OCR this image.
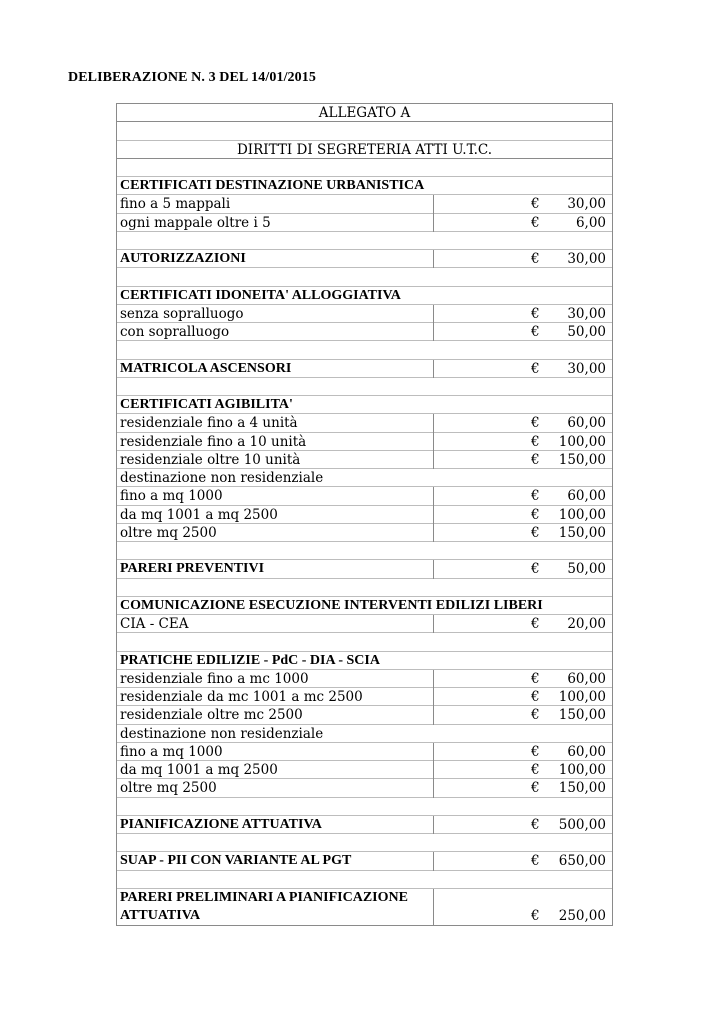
DELIBERAZIONE N. 3 DEL 14/01/2015
ALLEGATO A
DIRITTI DI SEGRETERIA ATTI U.T.C.
CERTIFICATI DESTINAZIONE URBANISTICA
fino a 5 mappali	€ 30,00
ogni mappale oltre i 5	€	6,00
AUTORIZZAZIONI	€ 30,00
CERTIFICATI IDONEITA' ALLOGGIATIVA
senza sopralluogo	€ 30,00
con sopralluogo	€ 50,00
MATRICOLA ASCENSORI	€ 30,00
CERTIFICATI AGIBILITA'
residenziale fino a 4 unità	€ 60,00
residenziale fino a 10 unità	€ 100,00
residenziale oltre 10 unità	€ 150,00
destinazione non residenziale
fino a mq 1000	€ 60,00
da mq 1001 a mq 2500	€ 100,00
oltre mq 2500	€ 150,00
PARERI PREVENTIVI	€ 50,00
COMUNICAZIONE ESECUZIONE INTERVENTI EDILIZI LIBERI
CIA - CEA	€ 20,00
PRATICHE EDILIZIE - PdC - DIA - SCIA
residenziale fino a mc 1000	€ 60,00
residenziale da mc 1001 a mc 2500	€ 100,00
residenziale oltre mc 2500	€ 150,00
destinazione non residenziale
fino a mq 1000	€ 60,00
da mq 1001 a mq 2500	€ 100,00
oltre mq 2500	€ 150,00
PIANIFICAZIONE ATTUATIVA	€ 500,00
SUAP - PII CON VARIANTE AL PGT	€ 650,00
PARERI PRELIMINARI A PIANIFICAZIONE
ATTUATIVA	€ 250,00
